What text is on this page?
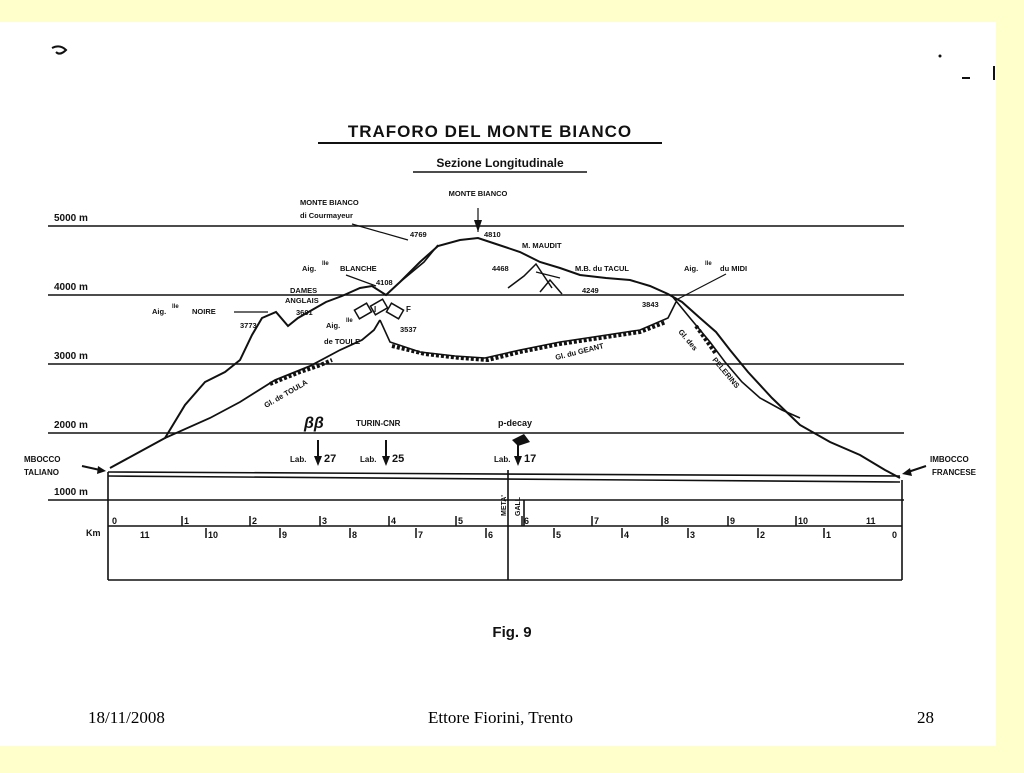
TRAFORO DEL MONTE BIANCO
Sezione Longitudinale
5000 m
4000 m
3000 m
2000 m
1000 m
I	F
MONTE BIANCO
MONTE BIANCO
di Courmayeur
4769	4810
M. MAUDIT
4468	M.B. du TACUL
4249
Aig. lle du MIDI
3843
Aig. lle BLANCHE
4108
DAMES
ANGLAIS
3601
Aig. lle NOIRE
3773	Aig. lle
de TOULE
3537
Gl. du GEANT
Gl. de TOULA
Gl. des
PELERINS
ββ	TURIN-CNR	p-decay
Lab. 27	Lab. 25	Lab. 17
MBOCCO
TALIANO
IMBOCCO
FRANCESE
META' GALL
Km
0	1	2	3	4	5	6	7	8	9	10	11
11	10	9	8	7	6	5	4	3	2	1	0
Fig. 9
18/11/2008	Ettore Fiorini, Trento	28
